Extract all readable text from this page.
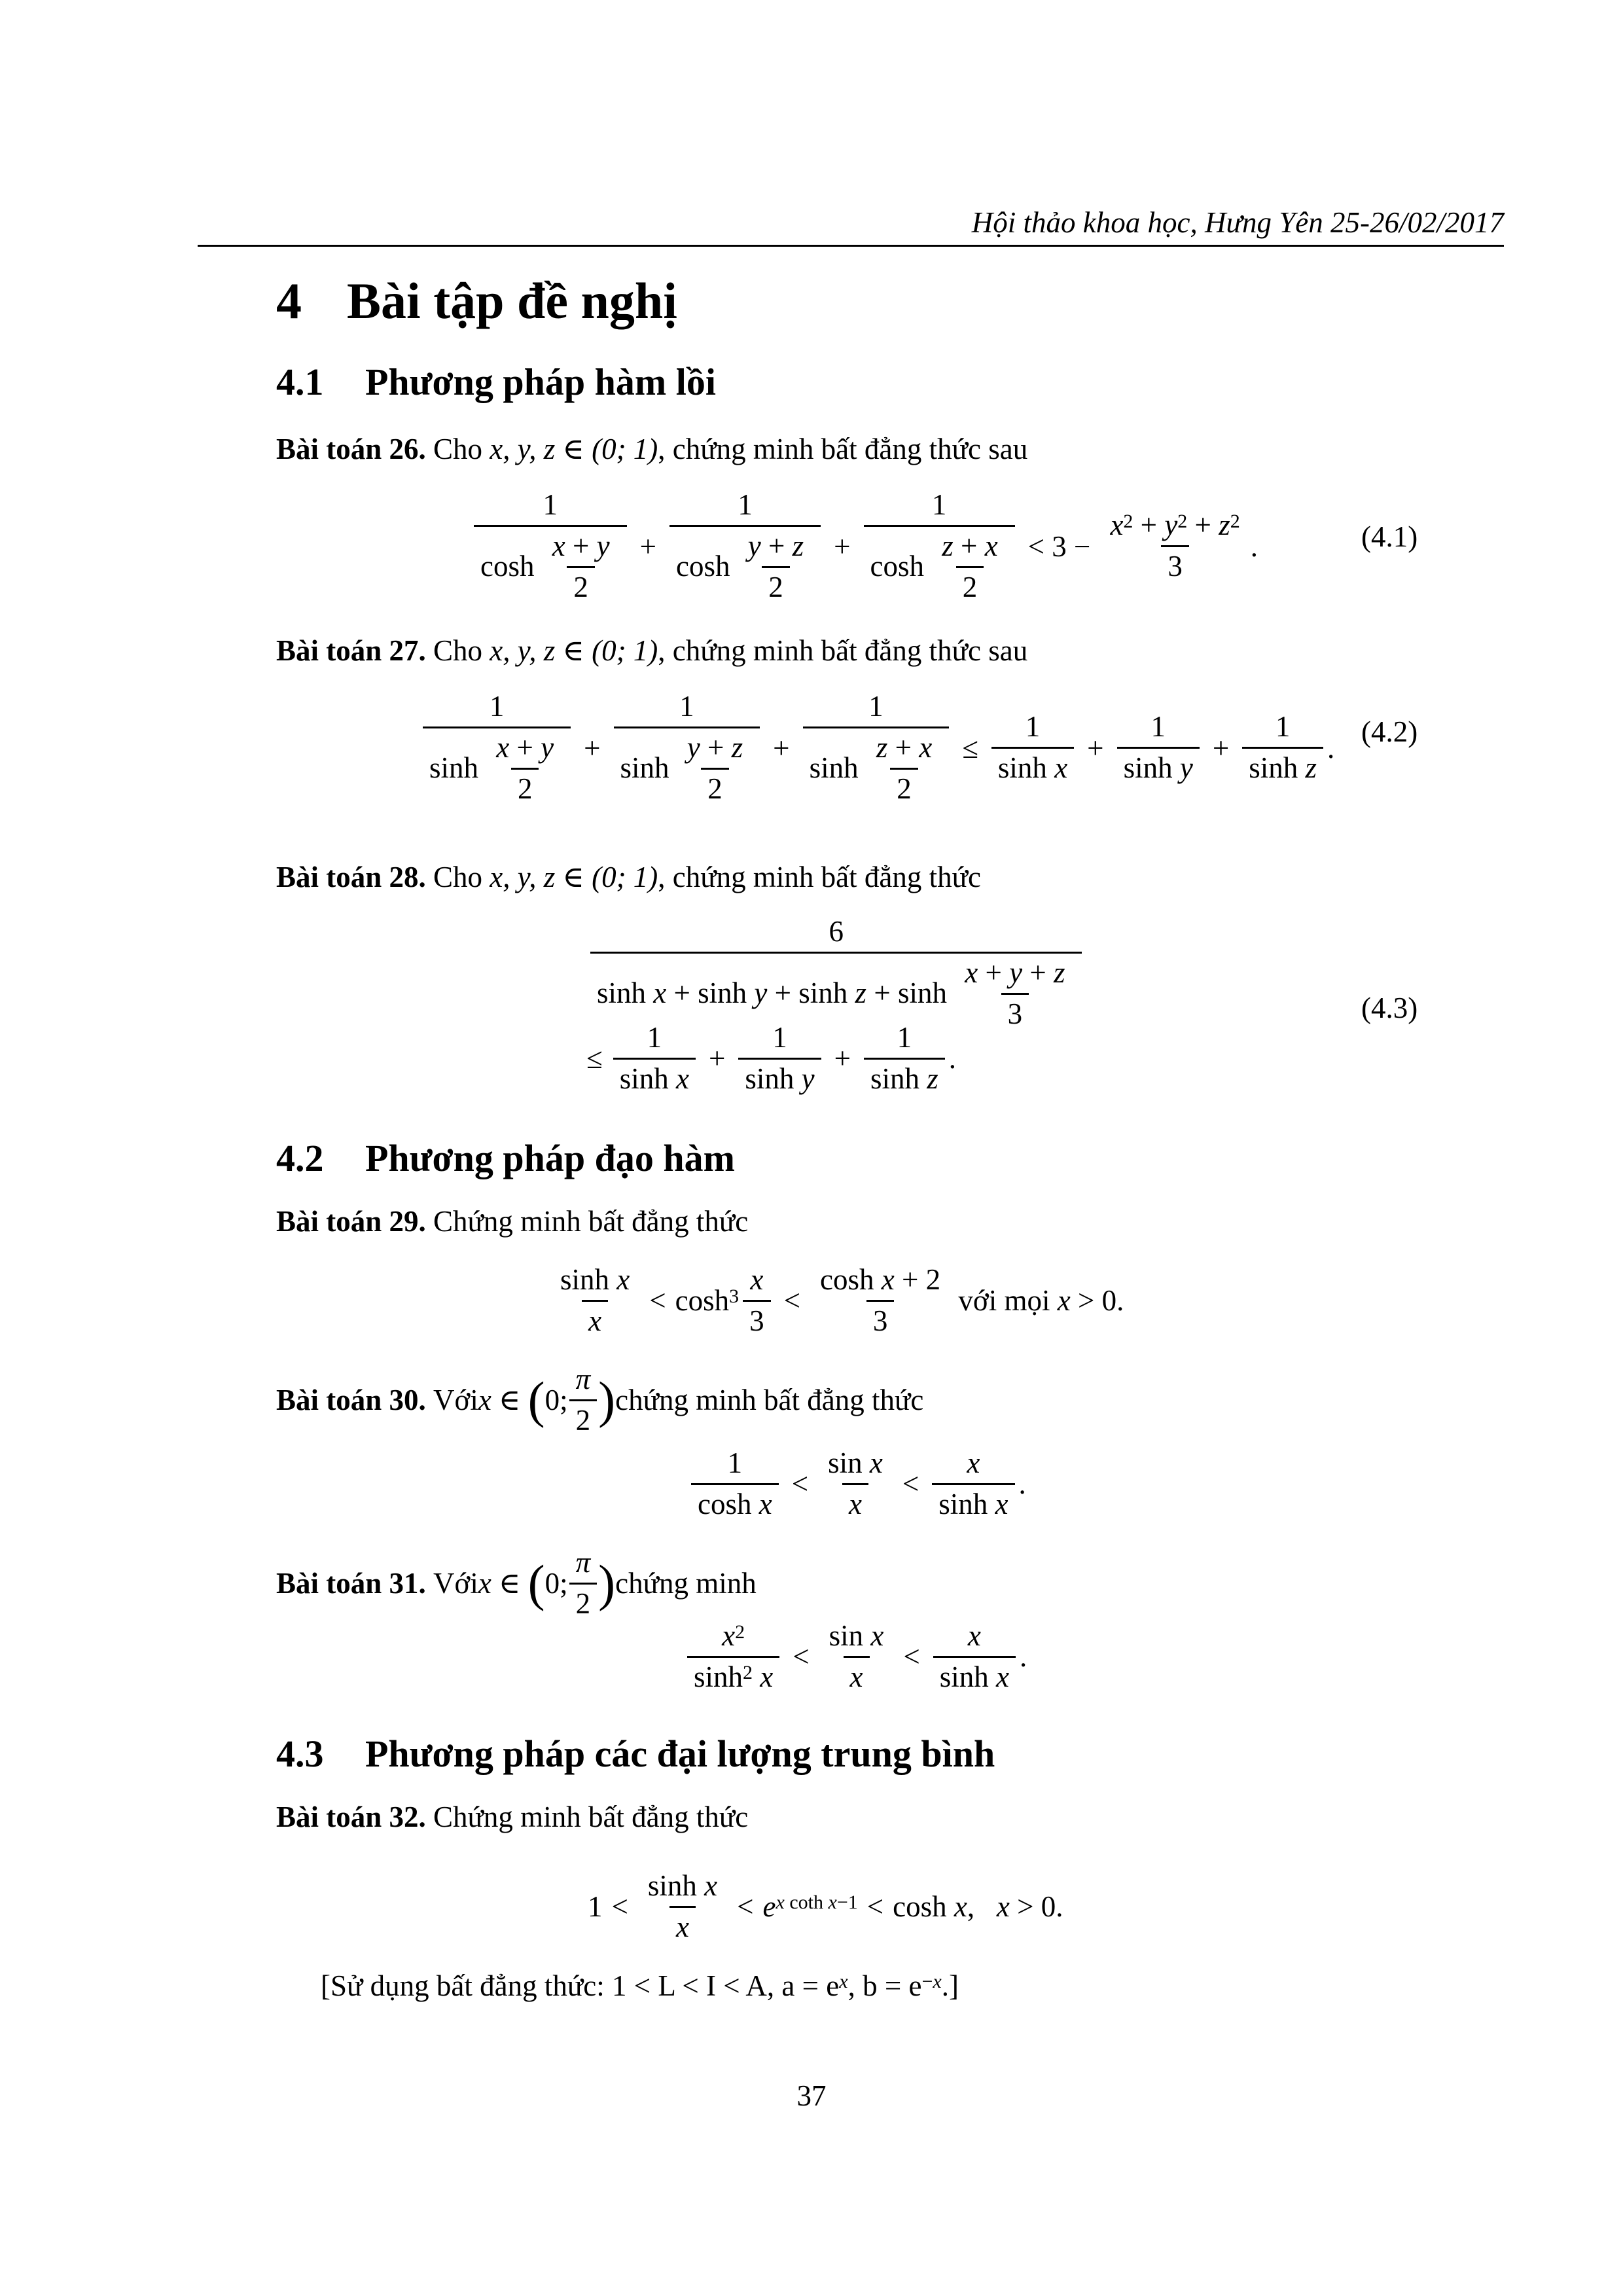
Hội thảo khoa học, Hưng Yên 25-26/02/2017
4 Bài tập đề nghị
4.1 Phương pháp hàm lồi
Bài toán 26. Cho x, y, z ∈ (0; 1), chứng minh bất đẳng thức sau
$\frac{1}{\cosh \frac{x + y}{2}} + \frac{1}{\cosh \frac{y + z}{2}} + \frac{1}{\cosh \frac{z + x}{2}} < 3 - \frac{x^2 + y^2 + z^2}{3}$ .	(4.1)
Bài toán 27. Cho x, y, z ∈ (0; 1), chứng minh bất đẳng thức sau
$\frac{1}{\sinh \frac{x + y}{2}} + \frac{1}{\sinh \frac{y + z}{2}} + \frac{1}{\sinh \frac{z + x}{2}} \le \frac{1}{\text{sinh x}} + \frac{1}{\text{sinh y}} + \frac{1}{\text{sinh z}}$ . (4.2)
Bài toán 28. Cho x, y, z ∈ (0; 1), chứng minh bất đẳng thức
$\frac{6}{\sinh x + \sinh y + \sinh z + \sinh \frac{x + y + z}{3}}$
≤ $\frac{1}{\text{sinh x}} + \frac{1}{\text{sinh y}} + \frac{1}{\text{sinh z}}$ .
(4.3)
4.2 Phương pháp đạo hàm
Bài toán 29. Chứng minh bất đẳng thức
$\frac{\text{sinh x}}{x} < \cosh^3 \frac{x}{3} < \frac{\text{cosh x + 2}}{3}$
với mọi
x > 0.
Bài toán 30.
Với x ∈
( 0; $\frac{\pi}{2}$ ) chứng minh bất đẳng thức
$\frac{1}{\text{cosh x}} < \frac{\text{sin x}}{x} < \frac{x}{\text{sinh x}}$ .
Bài toán 31.
Với x ∈
( 0; $\frac{\pi}{2}$ ) chứng minh
$x^2$
$\sinh^2$
$x < \frac{\text{sin x}}{x} < \frac{x}{\text{sinh x}}$ .
4.3 Phương pháp các đại lượng trung bình
Bài toán 32. Chứng minh bất đẳng thức
$1 < \frac{\text{sinh x}}{x} < e$ $^{x coth x-1}$ < cosh x , x > 0.
[Sử dụng bất đẳng thức: 1 < L < I < A, $a = e^x$, $b = e^{-x}$.]
37
